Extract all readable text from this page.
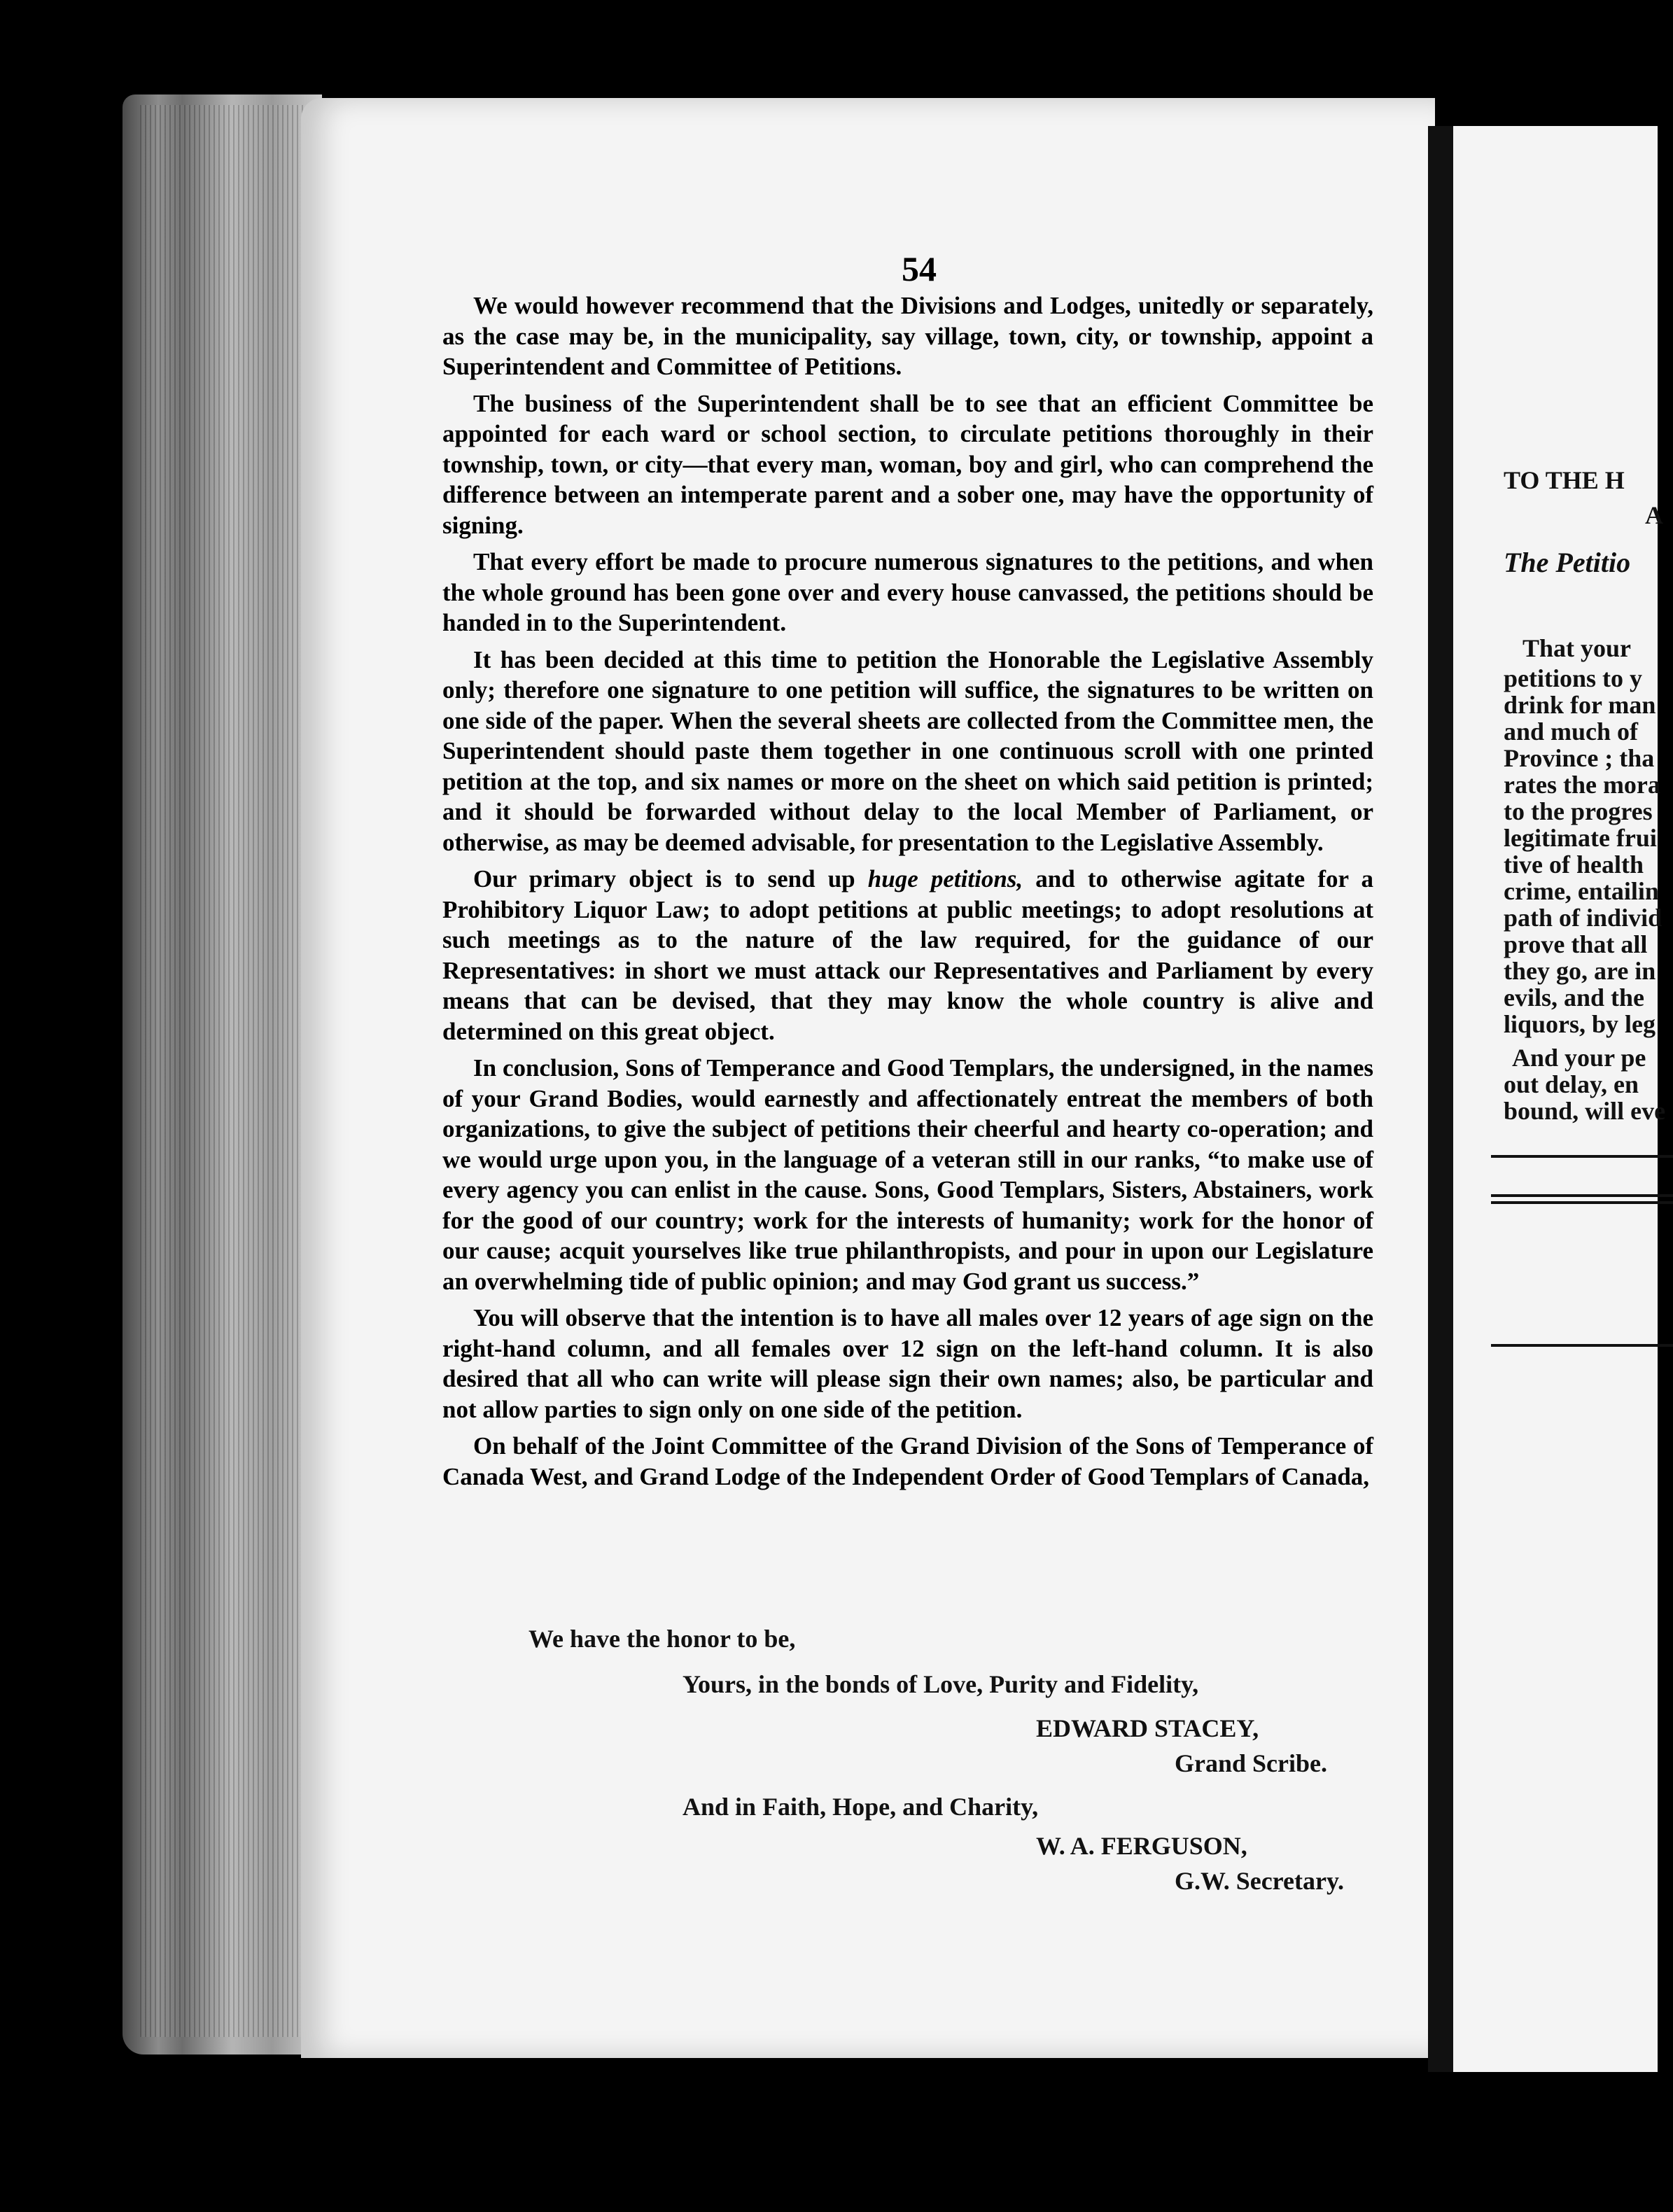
54

We would however recommend that the Divisions and Lodges, unitedly or separately, as the case may be, in the municipality, say village, town, city, or township, appoint a Superintendent and Committee of Petitions.

The business of the Superintendent shall be to see that an efficient Committee be appointed for each ward or school section, to circulate petitions thoroughly in their township, town, or city—that every man, woman, boy and girl, who can comprehend the difference between an intemperate parent and a sober one, may have the opportunity of signing.

That every effort be made to procure numerous signatures to the petitions, and when the whole ground has been gone over and every house canvassed, the petitions should be handed in to the Superintendent.

It has been decided at this time to petition the Honorable the Legislative Assembly only; therefore one signature to one petition will suffice, the signatures to be written on one side of the paper. When the several sheets are collected from the Committee men, the Superintendent should paste them together in one continuous scroll with one printed petition at the top, and six names or more on the sheet on which said petition is printed; and it should be forwarded without delay to the local Member of Parliament, or otherwise, as may be deemed advisable, for presentation to the Legislative Assembly.

Our primary object is to send up huge petitions, and to otherwise agitate for a Prohibitory Liquor Law; to adopt petitions at public meetings; to adopt resolutions at such meetings as to the nature of the law required, for the guidance of our Representatives: in short we must attack our Representatives and Parliament by every means that can be devised, that they may know the whole country is alive and determined on this great object.

In conclusion, Sons of Temperance and Good Templars, the undersigned, in the names of your Grand Bodies, would earnestly and affectionately entreat the members of both organizations, to give the subject of petitions their cheerful and hearty co-operation; and we would urge upon you, in the language of a veteran still in our ranks, “to make use of every agency you can enlist in the cause. Sons, Good Templars, Sisters, Abstainers, work for the good of our country; work for the interests of humanity; work for the honor of our cause; acquit yourselves like true philanthropists, and pour in upon our Legislature an overwhelming tide of public opinion; and may God grant us success.”

You will observe that the intention is to have all males over 12 years of age sign on the right-hand column, and all females over 12 sign on the left-hand column. It is also desired that all who can write will please sign their own names; also, be particular and not allow parties to sign only on one side of the petition.

On behalf of the Joint Committee of the Grand Division of the Sons of Temperance of Canada West, and Grand Lodge of the Independent Order of Good Templars of Canada,

We have the honor to be,
Yours, in the bonds of Love, Purity and Fidelity,
EDWARD STACEY,
Grand Scribe.
And in Faith, Hope, and Charity,
W. A. FERGUSON,
G.W. Secretary.
TO THE H
A
The Petitio
That your
petitions to y
drink for man
and much of
Province ; tha
rates the mora
to the progres
legitimate frui
tive of health
crime, entailin
path of individ
prove that all
they go, are in
evils, and the
liquors, by leg
And your pe
out delay, en
bound, will eve
